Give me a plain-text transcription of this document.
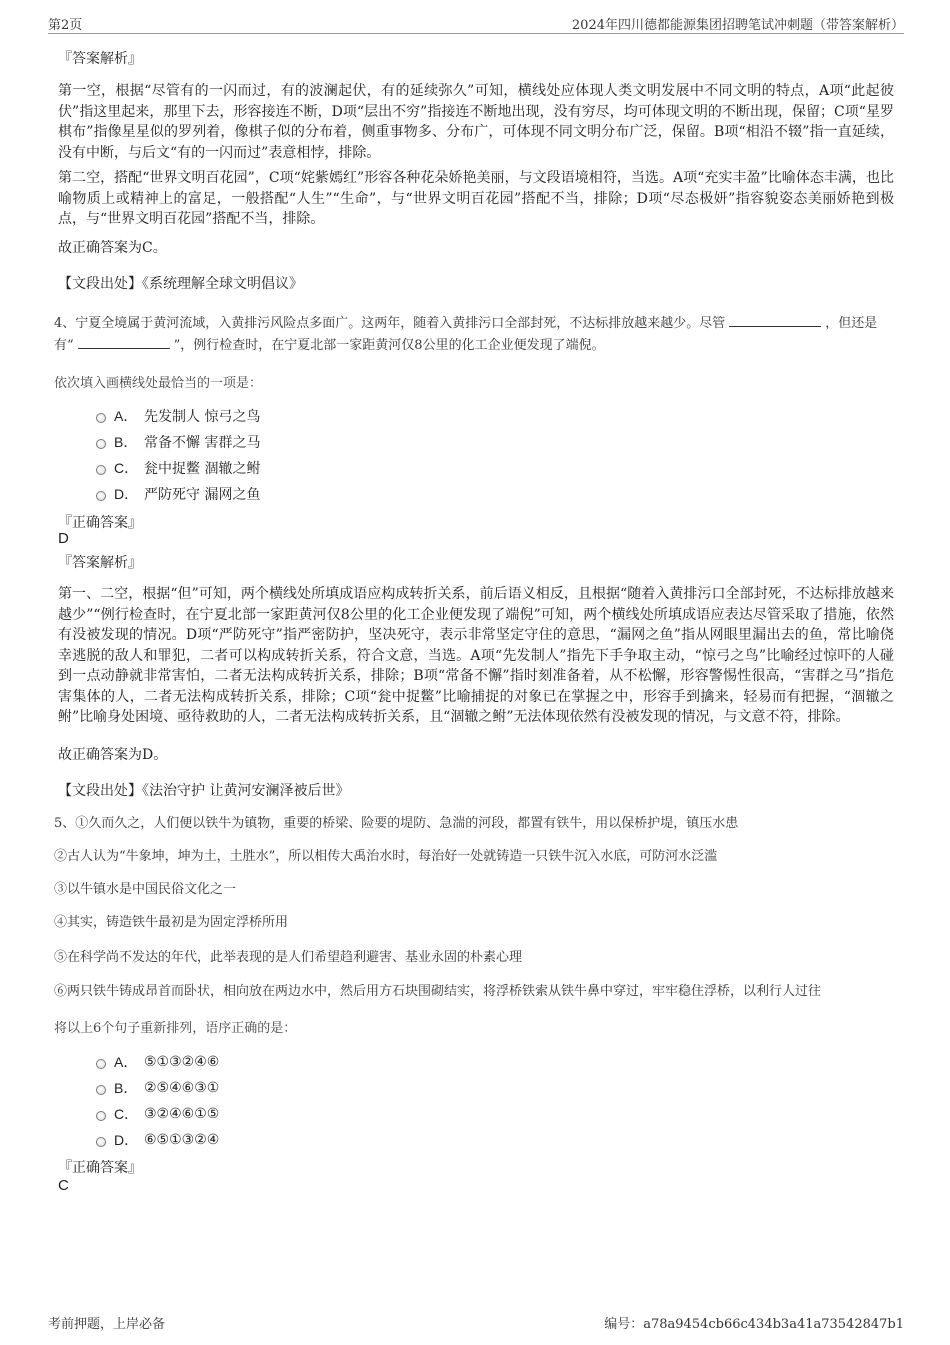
第2页	2024年四川德都能源集团招聘笔试冲刺题（带答案解析）
『答案解析』
第一空，根据“尽管有的一闪而过，有的波澜起伏，有的延续弥久”可知，横线处应体现人类文明发展中不同文明的特点，A项“此起彼伏”指这里起来，那里下去，形容接连不断，D项“层出不穷”指接连不断地出现，没有穷尽，均可体现文明的不断出现，保留；C项“星罗棋布”指像星星似的罗列着，像棋子似的分布着，侧重事物多、分布广，可体现不同文明分布广泛，保留。B项“相沿不辍”指一直延续，没有中断，与后文“有的一闪而过”表意相悖，排除。
第二空，搭配“世界文明百花园”，C项“姹紫嫣红”形容各种花朵娇艳美丽，与文段语境相符，当选。A项“充实丰盈”比喻体态丰满，也比喻物质上或精神上的富足，一般搭配“人生”“生命”，与“世界文明百花园”搭配不当，排除；D项“尽态极妍”指容貌姿态美丽娇艳到极点，与“世界文明百花园”搭配不当，排除。
故正确答案为C。
【文段出处】《系统理解全球文明倡议》
4、宁夏全境属于黄河流域，入黄排污风险点多面广。这两年，随着入黄排污口全部封死，不达标排放越来越少。尽管	，但还是有“	”，例行检查时，在宁夏北部一家距黄河仅8公里的化工企业便发现了端倪。
依次填入画横线处最恰当的一项是：
A． 先发制人 惊弓之鸟
B． 常备不懈 害群之马
C． 瓮中捉鳖 涸辙之鲋
D． 严防死守 漏网之鱼
『正确答案』
D
『答案解析』
第一、二空，根据“但”可知，两个横线处所填成语应构成转折关系，前后语义相反，且根据“随着入黄排污口全部封死，不达标排放越来越少”“例行检查时，在宁夏北部一家距黄河仅8公里的化工企业便发现了端倪”可知，两个横线处所填成语应表达尽管采取了措施，依然有没被发现的情况。D项“严防死守”指严密防护，坚决死守，表示非常坚定守住的意思，“漏网之鱼”指从网眼里漏出去的鱼，常比喻侥幸逃脱的敌人和罪犯，二者可以构成转折关系，符合文意，当选。A项“先发制人”指先下手争取主动，“惊弓之鸟”比喻经过惊吓的人碰到一点动静就非常害怕，二者无法构成转折关系，排除；B项“常备不懈”指时刻准备着，从不松懈，形容警惕性很高，“害群之马”指危害集体的人，二者无法构成转折关系，排除；C项“瓮中捉鳖”比喻捕捉的对象已在掌握之中，形容手到擒来，轻易而有把握，“涸辙之鲋”比喻身处困境、亟待救助的人，二者无法构成转折关系，且“涸辙之鲋”无法体现依然有没被发现的情况，与文意不符，排除。
故正确答案为D。
【文段出处】《法治守护 让黄河安澜泽被后世》
5、①久而久之，人们便以铁牛为镇物，重要的桥梁、险要的堤防、急湍的河段，都置有铁牛，用以保桥护堤，镇压水患
②古人认为“牛象坤，坤为土，土胜水”，所以相传大禹治水时，每治好一处就铸造一只铁牛沉入水底，可防河水泛滥
③以牛镇水是中国民俗文化之一
④其实，铸造铁牛最初是为固定浮桥所用
⑤在科学尚不发达的年代，此举表现的是人们希望趋利避害、基业永固的朴素心理
⑥两只铁牛铸成昂首而卧状，相向放在两边水中，然后用方石块围砌结实，将浮桥铁索从铁牛鼻中穿过，牢牢稳住浮桥，以利行人过往
将以上6个句子重新排列，语序正确的是：
A． ⑤①③②④⑥
B． ②⑤④⑥③①
C． ③②④⑥①⑤
D． ⑥⑤①③②④
『正确答案』
C
考前押题，上岸必备	编号：a78a9454cb66c434b3a41a73542847b1
